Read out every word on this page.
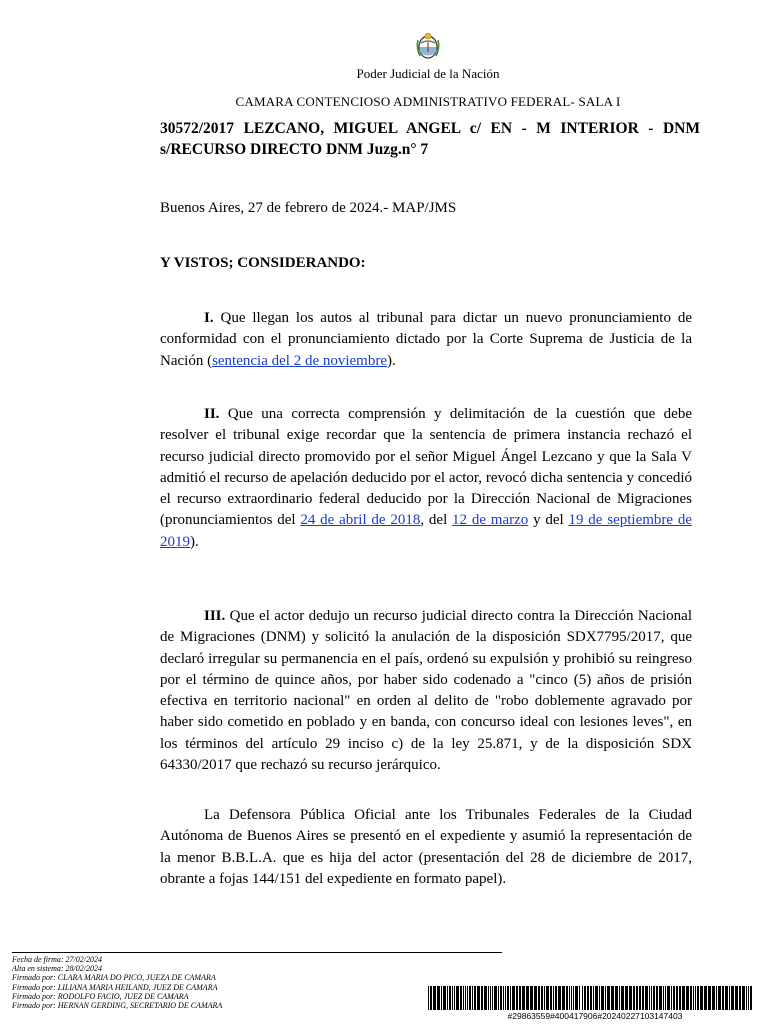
Poder Judicial de la Nación
CAMARA CONTENCIOSO ADMINISTRATIVO FEDERAL- SALA I
30572/2017 LEZCANO, MIGUEL ANGEL c/ EN - M INTERIOR - DNM s/RECURSO DIRECTO DNM Juzg.n° 7
Buenos Aires, 27 de febrero de 2024.- MAP/JMS
Y VISTOS; CONSIDERANDO:
I. Que llegan los autos al tribunal para dictar un nuevo pronunciamiento de conformidad con el pronunciamiento dictado por la Corte Suprema de Justicia de la Nación (sentencia del 2 de noviembre).
II. Que una correcta comprensión y delimitación de la cuestión que debe resolver el tribunal exige recordar que la sentencia de primera instancia rechazó el recurso judicial directo promovido por el señor Miguel Ángel Lezcano y que la Sala V admitió el recurso de apelación deducido por el actor, revocó dicha sentencia y concedió el recurso extraordinario federal deducido por la Dirección Nacional de Migraciones (pronunciamientos del 24 de abril de 2018, del 12 de marzo y del 19 de septiembre de 2019).
III. Que el actor dedujo un recurso judicial directo contra la Dirección Nacional de Migraciones (DNM) y solicitó la anulación de la disposición SDX7795/2017, que declaró irregular su permanencia en el país, ordenó su expulsión y prohibió su reingreso por el término de quince años, por haber sido codenado a "cinco (5) años de prisión efectiva en territorio nacional" en orden al delito de "robo doblemente agravado por haber sido cometido en poblado y en banda, con concurso ideal con lesiones leves", en los términos del artículo 29 inciso c) de la ley 25.871, y de la disposición SDX 64330/2017 que rechazó su recurso jerárquico.
La Defensora Pública Oficial ante los Tribunales Federales de la Ciudad Autónoma de Buenos Aires se presentó en el expediente y asumió la representación de la menor B.B.L.A. que es hija del actor (presentación del 28 de diciembre de 2017, obrante a fojas 144/151 del expediente en formato papel).
Fecha de firma: 27/02/2024
Alta en sistema: 28/02/2024
Firmado por: CLARA MARIA DO PICO, JUEZA DE CAMARA
Firmado por: LILIANA MARIA HEILAND, JUEZ DE CAMARA
Firmado por: RODOLFO FACIO, JUEZ DE CAMARA
Firmado por: HERNAN GERDING, SECRETARIO DE CAMARA
#29863559#400417906#20240227103147403
